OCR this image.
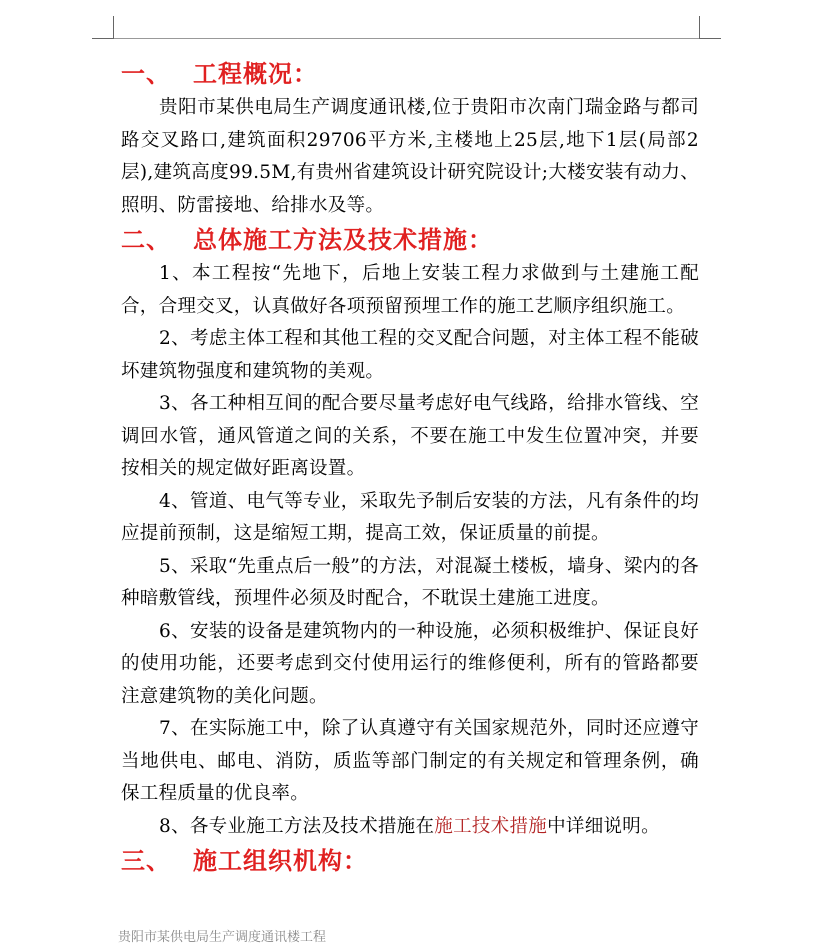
一、 工程概况：

贵阳市某供电局生产调度通讯楼,位于贵阳市次南门瑞金路与都司路交叉路口,建筑面积29706平方米,主楼地上25层,地下1层(局部2层),建筑高度99.5M,有贵州省建筑设计研究院设计;大楼安装有动力、照明、防雷接地、给排水及等。

二、 总体施工方法及技术措施：

1、本工程按“先地下，后地上安装工程力求做到与土建施工配合，合理交叉，认真做好各项预留预埋工作的施工艺顺序组织施工。

2、考虑主体工程和其他工程的交叉配合问题，对主体工程不能破坏建筑物强度和建筑物的美观。

3、各工种相互间的配合要尽量考虑好电气线路，给排水管线、空调回水管，通风管道之间的关系，不要在施工中发生位置冲突，并要按相关的规定做好距离设置。

4、管道、电气等专业，采取先予制后安装的方法，凡有条件的均应提前预制，这是缩短工期，提高工效，保证质量的前提。

5、采取“先重点后一般”的方法，对混凝土楼板，墙身、梁内的各种暗敷管线，预埋件必须及时配合，不耽误土建施工进度。

6、安装的设备是建筑物内的一种设施，必须积极维护、保证良好的使用功能，还要考虑到交付使用运行的维修便利，所有的管路都要注意建筑物的美化问题。

7、在实际施工中，除了认真遵守有关国家规范外，同时还应遵守当地供电、邮电、消防，质监等部门制定的有关规定和管理条例，确保工程质量的优良率。

8、各专业施工方法及技术措施在施工技术措施中详细说明。

三、 施工组织机构：
贵阳市某供电局生产调度通讯楼工程
